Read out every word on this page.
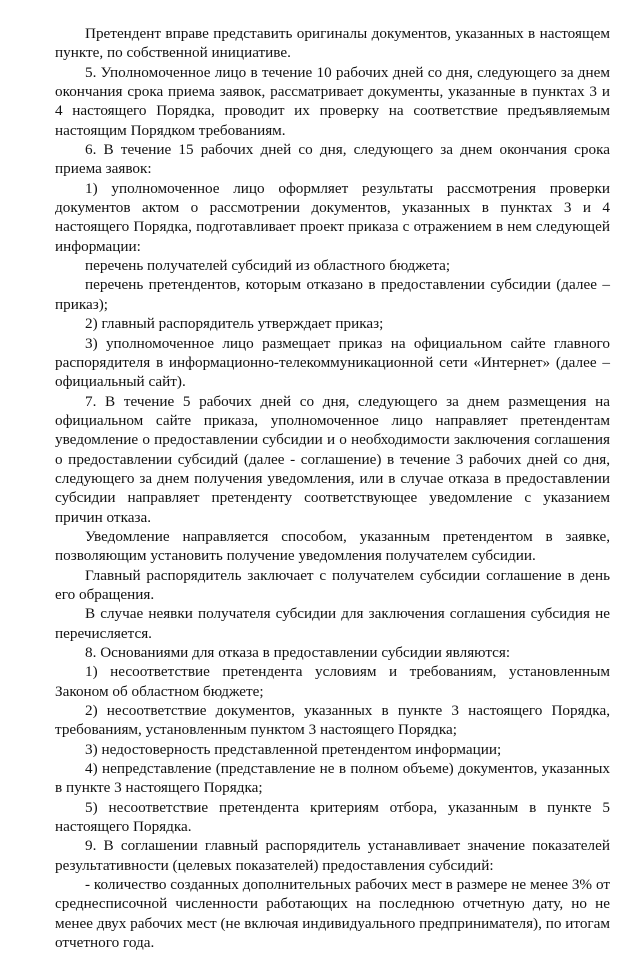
Претендент вправе представить оригиналы документов, указанных в настоящем пункте, по собственной инициативе.

5. Уполномоченное лицо в течение 10 рабочих дней со дня, следующего за днем окончания срока приема заявок, рассматривает документы, указанные в пунктах 3 и 4 настоящего Порядка, проводит их проверку на соответствие предъявляемым настоящим Порядком требованиям.

6. В течение 15 рабочих дней со дня, следующего за днем окончания срока приема заявок:

1) уполномоченное лицо оформляет результаты рассмотрения проверки документов актом о рассмотрении документов, указанных в пунктах 3 и 4 настоящего Порядка, подготавливает проект приказа с отражением в нем следующей информации:

перечень получателей субсидий из областного бюджета;

перечень претендентов, которым отказано в предоставлении субсидии (далее – приказ);

2) главный распорядитель утверждает приказ;

3) уполномоченное лицо размещает приказ на официальном сайте главного распорядителя в информационно-телекоммуникационной сети «Интернет» (далее – официальный сайт).

7. В течение 5 рабочих дней со дня, следующего за днем размещения на официальном сайте приказа, уполномоченное лицо направляет претендентам уведомление о предоставлении субсидии и о необходимости заключения соглашения о предоставлении субсидий (далее - соглашение) в течение 3 рабочих дней со дня, следующего за днем получения уведомления, или в случае отказа в предоставлении субсидии направляет претенденту соответствующее уведомление с указанием причин отказа.

Уведомление направляется способом, указанным претендентом в заявке, позволяющим установить получение уведомления получателем субсидии.

Главный распорядитель заключает с получателем субсидии соглашение в день его обращения.

В случае неявки получателя субсидии для заключения соглашения субсидия не перечисляется.

8. Основаниями для отказа в предоставлении субсидии являются:

1) несоответствие претендента условиям и требованиям, установленным Законом об областном бюджете;

2) несоответствие документов, указанных в пункте 3 настоящего Порядка, требованиям, установленным пунктом 3 настоящего Порядка;

3) недостоверность представленной претендентом информации;

4) непредставление (представление не в полном объеме) документов, указанных в пункте 3 настоящего Порядка;

5) несоответствие претендента критериям отбора, указанным в пункте 5 настоящего Порядка.

9. В соглашении главный распорядитель устанавливает значение показателей результативности (целевых показателей) предоставления субсидий:

- количество созданных дополнительных рабочих мест в размере не менее 3% от среднесписочной численности работающих на последнюю отчетную дату, но не менее двух рабочих мест (не включая индивидуального предпринимателя), по итогам отчетного года.
